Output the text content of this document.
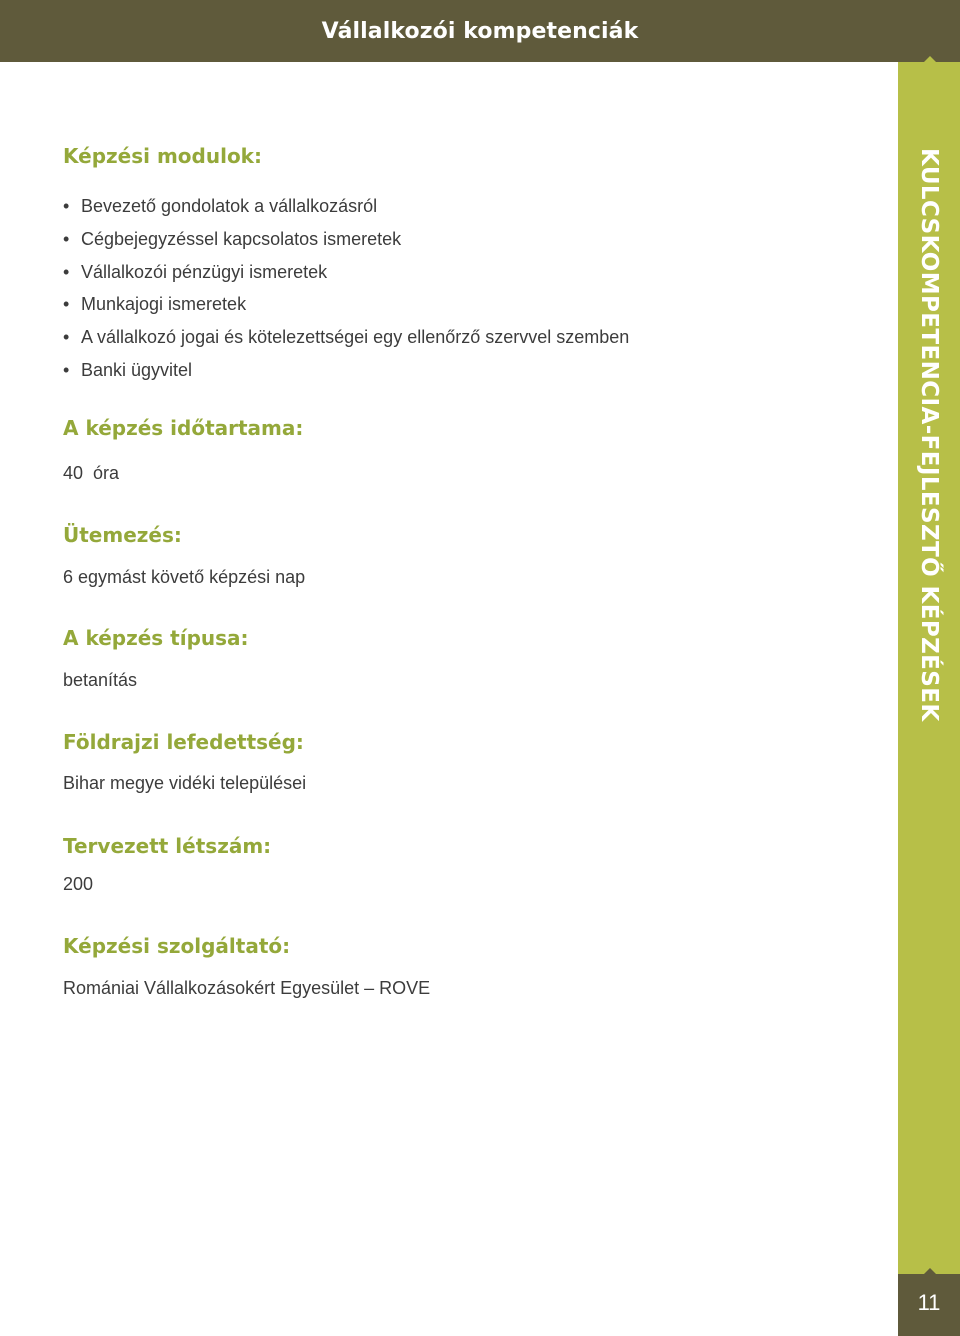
Vállalkozói kompetenciák
KULCSKOMPETENCIA-FEJLESZTŐ KÉPZÉSEK
11

Képzési modulok:

• Bevezető gondolatok a vállalkozásról
• Cégbejegyzéssel kapcsolatos ismeretek
• Vállalkozói pénzügyi ismeretek
• Munkajogi ismeretek
• A vállalkozó jogai és kötelezettségei egy ellenőrző szervvel szemben
• Banki ügyvitel

A képzés időtartama:

40  óra

Ütemezés:

6 egymást követő képzési nap

A képzés típusa:

betanítás

Földrajzi lefedettség:

Bihar megye vidéki települései

Tervezett létszám:

200

Képzési szolgáltató:

Romániai Vállalkozásokért Egyesület – ROVE
